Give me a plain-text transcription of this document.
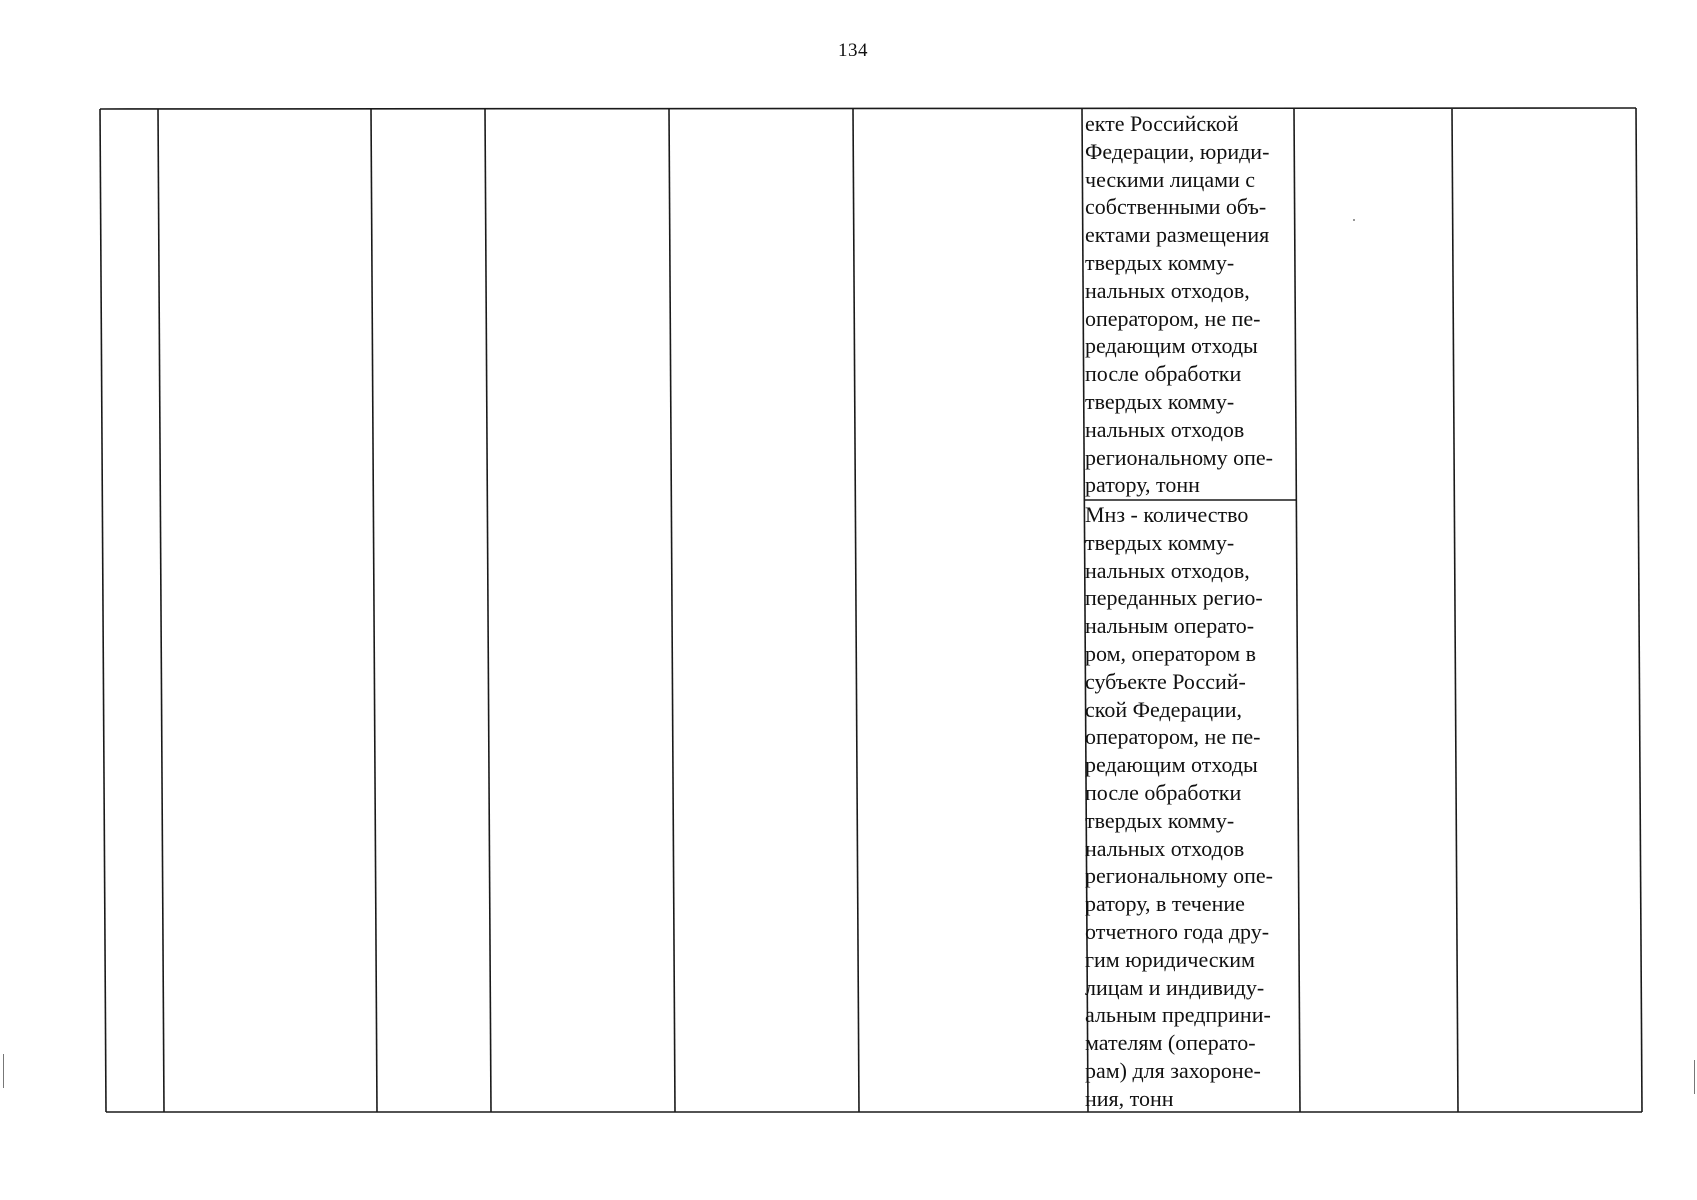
134
екте Российской
Федерации, юриди-
ческими лицами с
собственными объ-
ектами размещения
твердых комму-
нальных отходов,
оператором, не пе-
редающим отходы
после обработки
твердых комму-
нальных отходов
региональному опе-
ратору, тонн
Мнз - количество
твердых комму-
нальных отходов,
переданных регио-
нальным операто-
ром, оператором в
субъекте Россий-
ской Федерации,
оператором, не пе-
редающим отходы
после обработки
твердых комму-
нальных отходов
региональному опе-
ратору, в течение
отчетного года дру-
гим юридическим
лицам и индивиду-
альным предприни-
мателям (операто-
рам) для захороне-
ния, тонн
